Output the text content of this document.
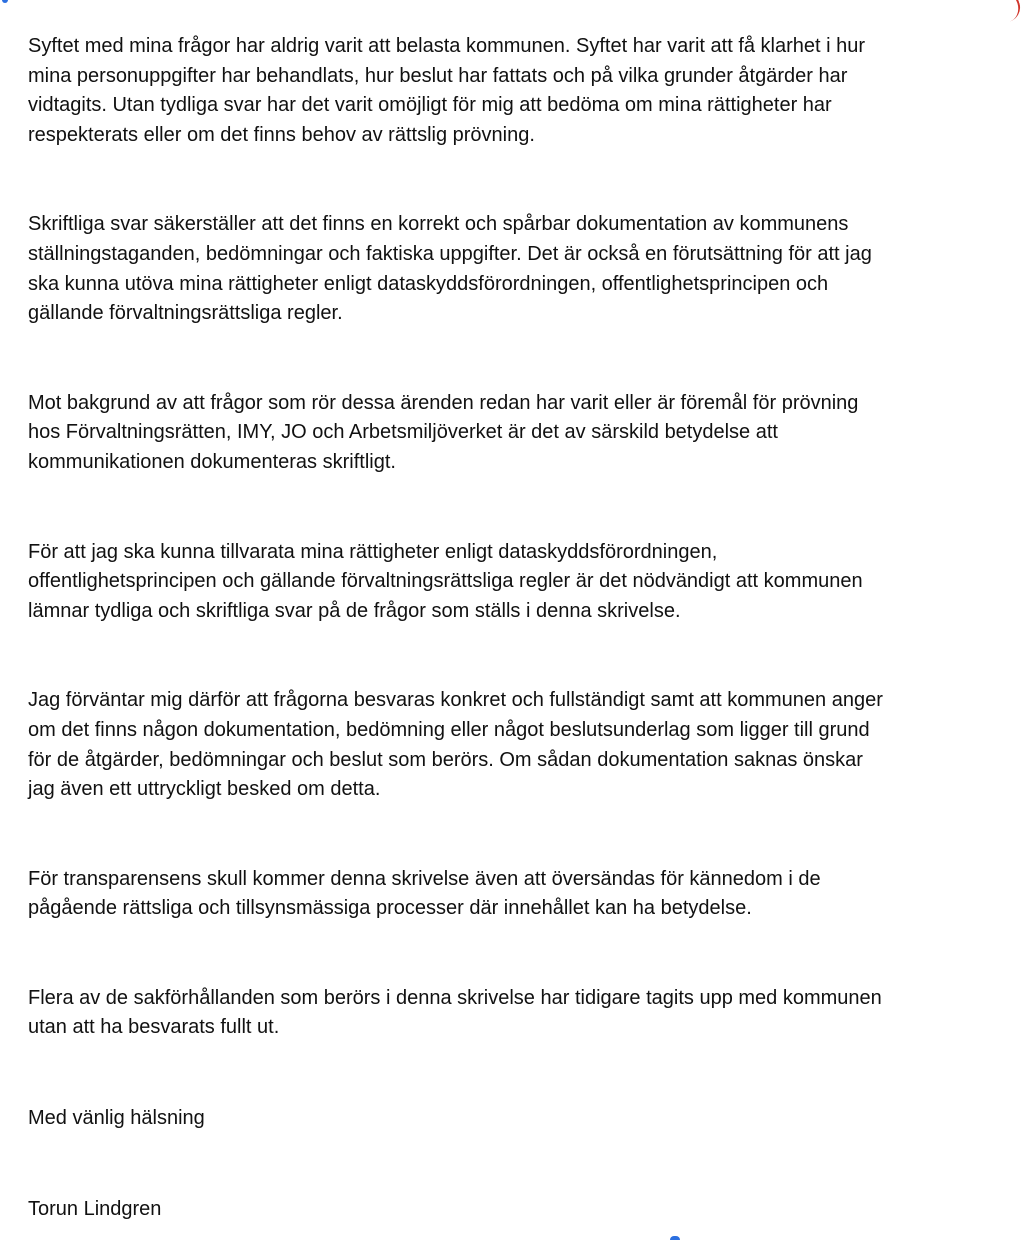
Syftet med mina frågor har aldrig varit att belasta kommunen. Syftet har varit att få klarhet i hur
mina personuppgifter har behandlats, hur beslut har fattats och på vilka grunder åtgärder har
vidtagits. Utan tydliga svar har det varit omöjligt för mig att bedöma om mina rättigheter har
respekterats eller om det finns behov av rättslig prövning.

Skriftliga svar säkerställer att det finns en korrekt och spårbar dokumentation av kommunens
ställningstaganden, bedömningar och faktiska uppgifter. Det är också en förutsättning för att jag
ska kunna utöva mina rättigheter enligt dataskyddsförordningen, offentlighetsprincipen och
gällande förvaltningsrättsliga regler.

Mot bakgrund av att frågor som rör dessa ärenden redan har varit eller är föremål för prövning
hos Förvaltningsrätten, IMY, JO och Arbetsmiljöverket är det av särskild betydelse att
kommunikationen dokumenteras skriftligt.

För att jag ska kunna tillvarata mina rättigheter enligt dataskyddsförordningen,
offentlighetsprincipen och gällande förvaltningsrättsliga regler är det nödvändigt att kommunen
lämnar tydliga och skriftliga svar på de frågor som ställs i denna skrivelse.

Jag förväntar mig därför att frågorna besvaras konkret och fullständigt samt att kommunen anger
om det finns någon dokumentation, bedömning eller något beslutsunderlag som ligger till grund
för de åtgärder, bedömningar och beslut som berörs. Om sådan dokumentation saknas önskar
jag även ett uttryckligt besked om detta.

För transparensens skull kommer denna skrivelse även att översändas för kännedom i de
pågående rättsliga och tillsynsmässiga processer där innehållet kan ha betydelse.

Flera av de sakförhållanden som berörs i denna skrivelse har tidigare tagits upp med kommunen
utan att ha besvarats fullt ut.

Med vänlig hälsning

Torun Lindgren
